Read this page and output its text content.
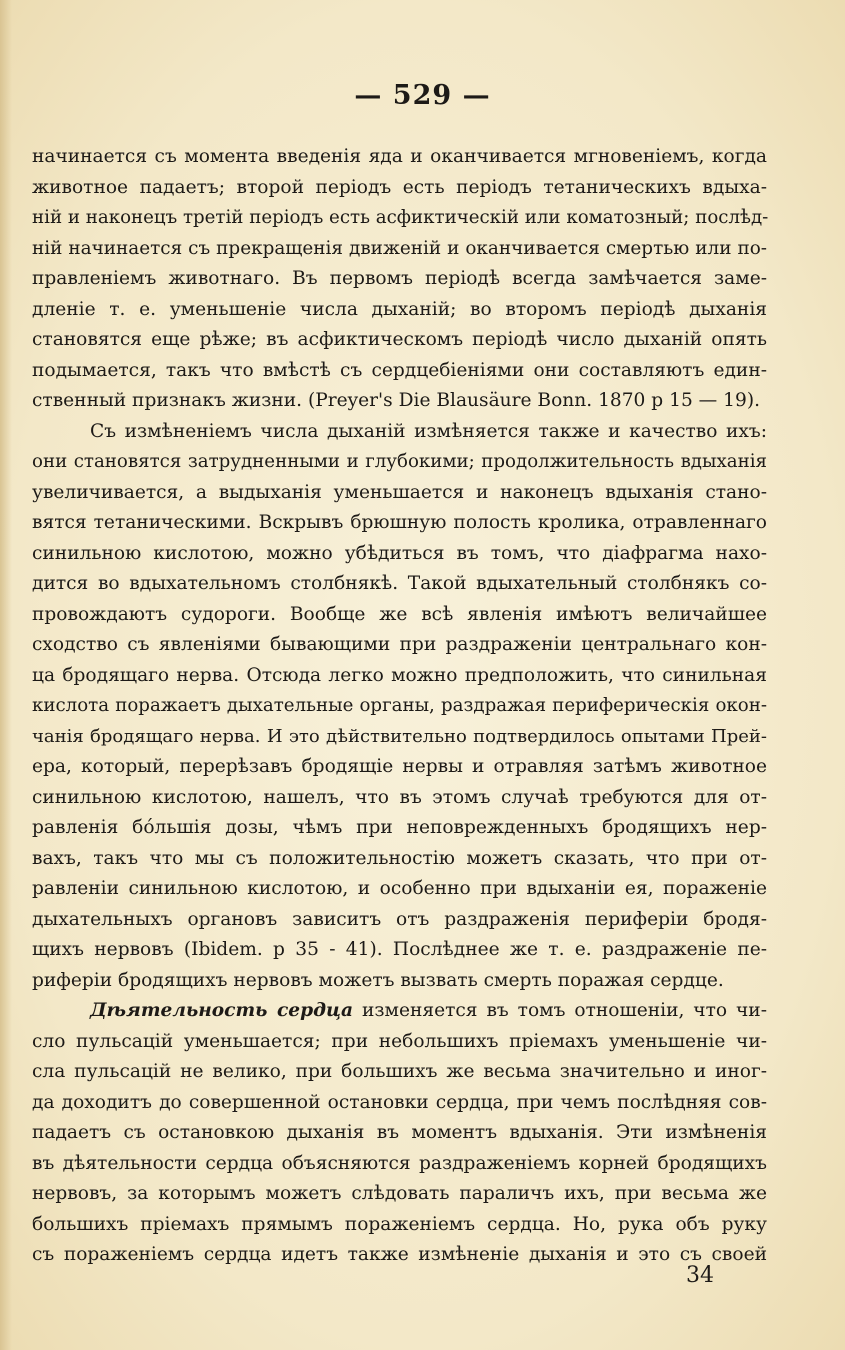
— 529 —
начинается съ момента введенія яда и оканчивается мгновеніемъ, когда
животное падаетъ; второй періодъ есть періодъ тетаническихъ вдыха-
ній и наконецъ третій періодъ есть асфиктическій или коматозный; послѣд-
ній начинается съ прекращенія движеній и оканчивается смертью или по-
правленіемъ животнаго. Въ первомъ періодѣ всегда замѣчается заме-
дленіе т. е. уменьшеніе числа дыханій; во второмъ періодѣ дыханія
становятся еще рѣже; въ асфиктическомъ періодѣ число дыханій опять
подымается, такъ что вмѣстѣ съ сердцебіеніями они составляютъ един-
ственный признакъ жизни. (Preyer's Die Blausäure Bonn. 1870 p 15 — 19).
Съ измѣненіемъ числа дыханій измѣняется также и качество ихъ:
они становятся затрудненными и глубокими; продолжительность вдыханія
увеличивается, а выдыханія уменьшается и наконецъ вдыханія стано-
вятся тетаническими. Вскрывъ брюшную полость кролика, отравленнаго
синильною кислотою, можно убѣдиться въ томъ, что діафрагма нахо-
дится во вдыхательномъ столбнякѣ. Такой вдыхательный столбнякъ со-
провождаютъ судороги. Вообще же всѣ явленія имѣютъ величайшее
сходство съ явленіями бывающими при раздраженіи центральнаго кон-
ца бродящаго нерва. Отсюда легко можно предположить, что синильная
кислота поражаетъ дыхательные органы, раздражая периферическія окон-
чанія бродящаго нерва. И это дѣйствительно подтвердилось опытами Прей-
ера, который, перерѣзавъ бродящіе нервы и отравляя затѣмъ животное
синильною кислотою, нашелъ, что въ этомъ случаѣ требуются для от-
равленія бо́льшія дозы, чѣмъ при неповрежденныхъ бродящихъ нер-
вахъ, такъ что мы съ положительностію можетъ сказать, что при от-
равленіи синильною кислотою, и особенно при вдыханіи ея, пораженіе
дыхательныхъ органовъ зависитъ отъ раздраженія периферіи бродя-
щихъ нервовъ (Ibidem. p 35 - 41). Послѣднее же т. е. раздраженіе пе-
риферіи бродящихъ нервовъ можетъ вызвать смерть поражая сердце.
Дѣятельность сердца изменяется въ томъ отношеніи, что чи-
сло пульсацій уменьшается; при небольшихъ пріемахъ уменьшеніе чи-
сла пульсацій не велико, при большихъ же весьма значительно и иног-
да доходитъ до совершенной остановки сердца, при чемъ послѣдняя сов-
падаетъ съ остановкою дыханія въ моментъ вдыханія. Эти измѣненія
въ дѣятельности сердца объясняются раздраженіемъ корней бродящихъ
нервовъ, за которымъ можетъ слѣдовать параличъ ихъ, при весьма же
большихъ пріемахъ прямымъ пораженіемъ сердца. Но, рука объ руку
съ пораженіемъ сердца идетъ также измѣненіе дыханія и это съ своей
34
